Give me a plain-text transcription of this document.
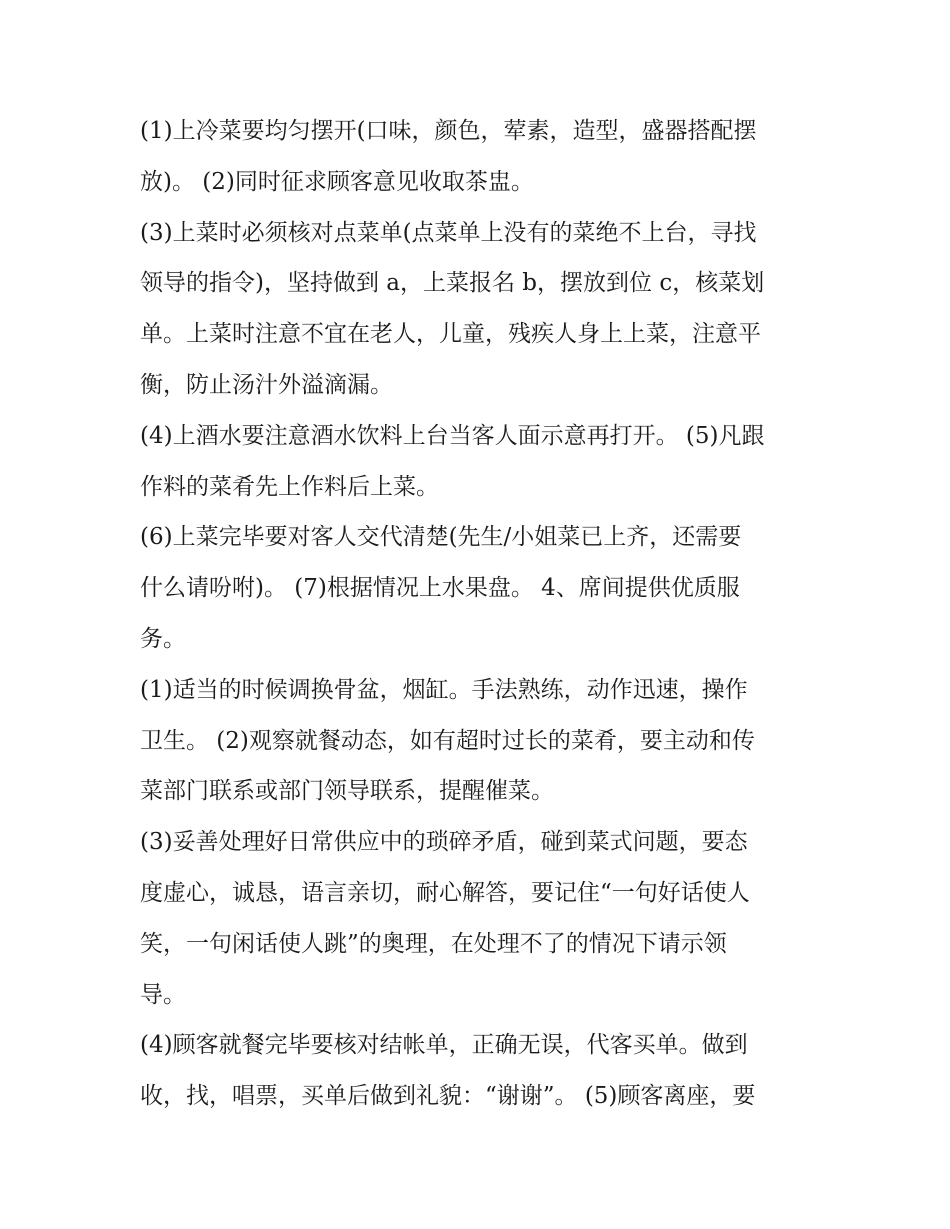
(1)上冷菜要均匀摆开(口味，颜色，荤素，造型，盛器搭配摆
放)。 (2)同时征求顾客意见收取茶盅。
(3)上菜时必须核对点菜单(点菜单上没有的菜绝不上台，寻找
领导的指令)，坚持做到 a，上菜报名 b，摆放到位 c，核菜划
单。上菜时注意不宜在老人，儿童，残疾人身上上菜，注意平
衡，防止汤汁外溢滴漏。
(4)上酒水要注意酒水饮料上台当客人面示意再打开。 (5)凡跟
作料的菜肴先上作料后上菜。
(6)上菜完毕要对客人交代清楚(先生/小姐菜已上齐，还需要
什么请吩咐)。 (7)根据情况上水果盘。 4、席间提供优质服
务。
(1)适当的时候调换骨盆，烟缸。手法熟练，动作迅速，操作
卫生。 (2)观察就餐动态，如有超时过长的菜肴，要主动和传
菜部门联系或部门领导联系，提醒催菜。
(3)妥善处理好日常供应中的琐碎矛盾，碰到菜式问题，要态
度虚心，诚恳，语言亲切，耐心解答，要记住“一句好话使人
笑，一句闲话使人跳”的奥理，在处理不了的情况下请示领
导。
(4)顾客就餐完毕要核对结帐单，正确无误，代客买单。做到
收，找，唱票，买单后做到礼貌：“谢谢”。 (5)顾客离座，要
